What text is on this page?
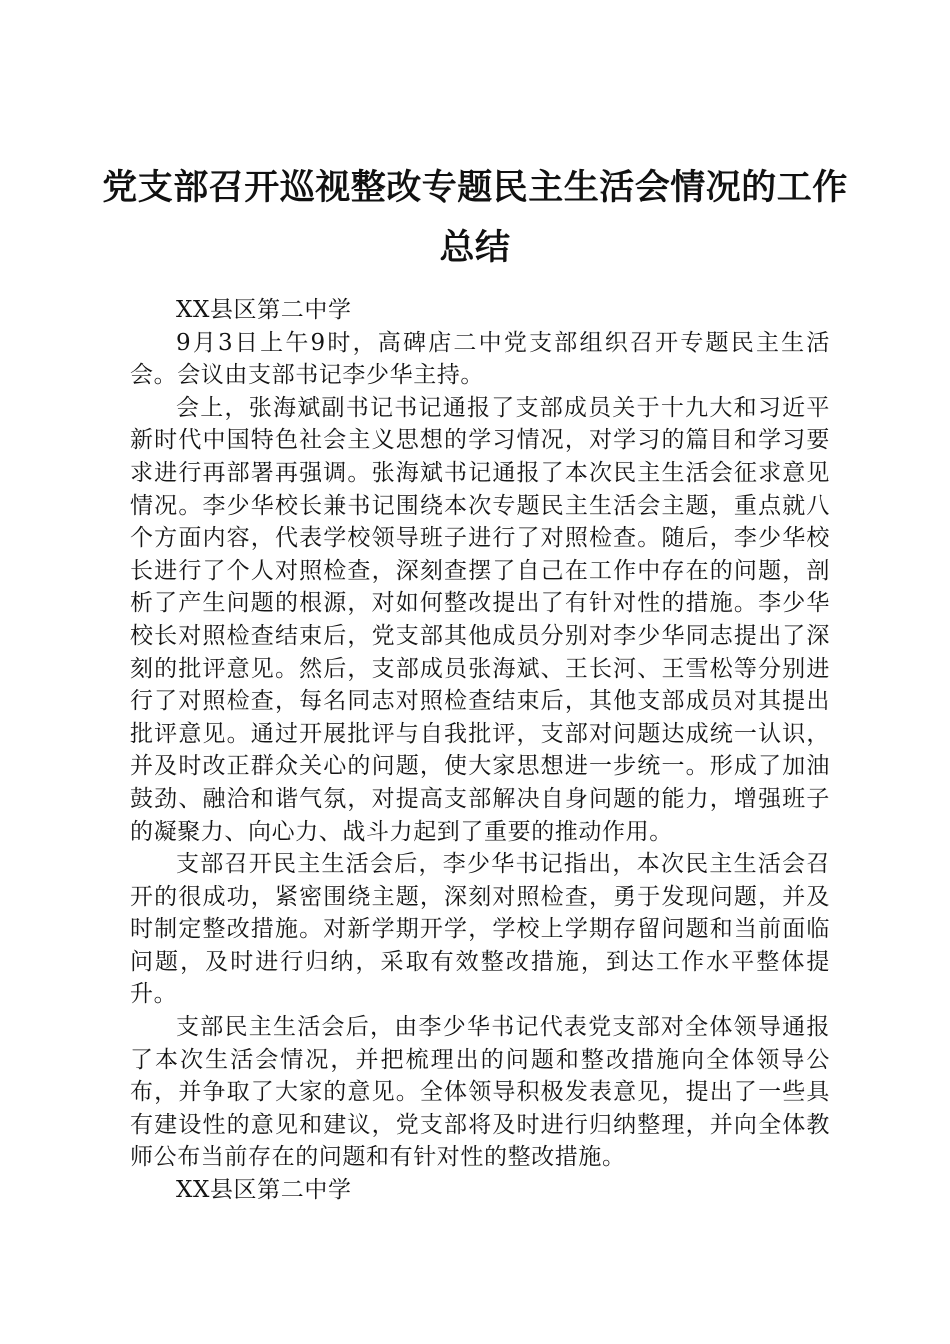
党支部召开巡视整改专题民主生活会情况的工作总结

XX县区第二中学

9月3日上午9时，高碑店二中党支部组织召开专题民主生活会。会议由支部书记李少华主持。

会上，张海斌副书记书记通报了支部成员关于十九大和习近平新时代中国特色社会主义思想的学习情况，对学习的篇目和学习要求进行再部署再强调。张海斌书记通报了本次民主生活会征求意见情况。李少华校长兼书记围绕本次专题民主生活会主题，重点就八个方面内容，代表学校领导班子进行了对照检查。随后，李少华校长进行了个人对照检查，深刻查摆了自己在工作中存在的问题，剖析了产生问题的根源，对如何整改提出了有针对性的措施。李少华校长对照检查结束后，党支部其他成员分别对李少华同志提出了深刻的批评意见。然后，支部成员张海斌、王长河、王雪松等分别进行了对照检查，每名同志对照检查结束后，其他支部成员对其提出批评意见。通过开展批评与自我批评，支部对问题达成统一认识，并及时改正群众关心的问题，使大家思想进一步统一。形成了加油鼓劲、融洽和谐气氛，对提高支部解决自身问题的能力，增强班子的凝聚力、向心力、战斗力起到了重要的推动作用。

支部召开民主生活会后，李少华书记指出，本次民主生活会召开的很成功，紧密围绕主题，深刻对照检查，勇于发现问题，并及时制定整改措施。对新学期开学，学校上学期存留问题和当前面临问题，及时进行归纳，采取有效整改措施，到达工作水平整体提升。

支部民主生活会后，由李少华书记代表党支部对全体领导通报了本次生活会情况，并把梳理出的问题和整改措施向全体领导公布，并争取了大家的意见。全体领导积极发表意见，提出了一些具有建设性的意见和建议，党支部将及时进行归纳整理，并向全体教师公布当前存在的问题和有针对性的整改措施。

XX县区第二中学
